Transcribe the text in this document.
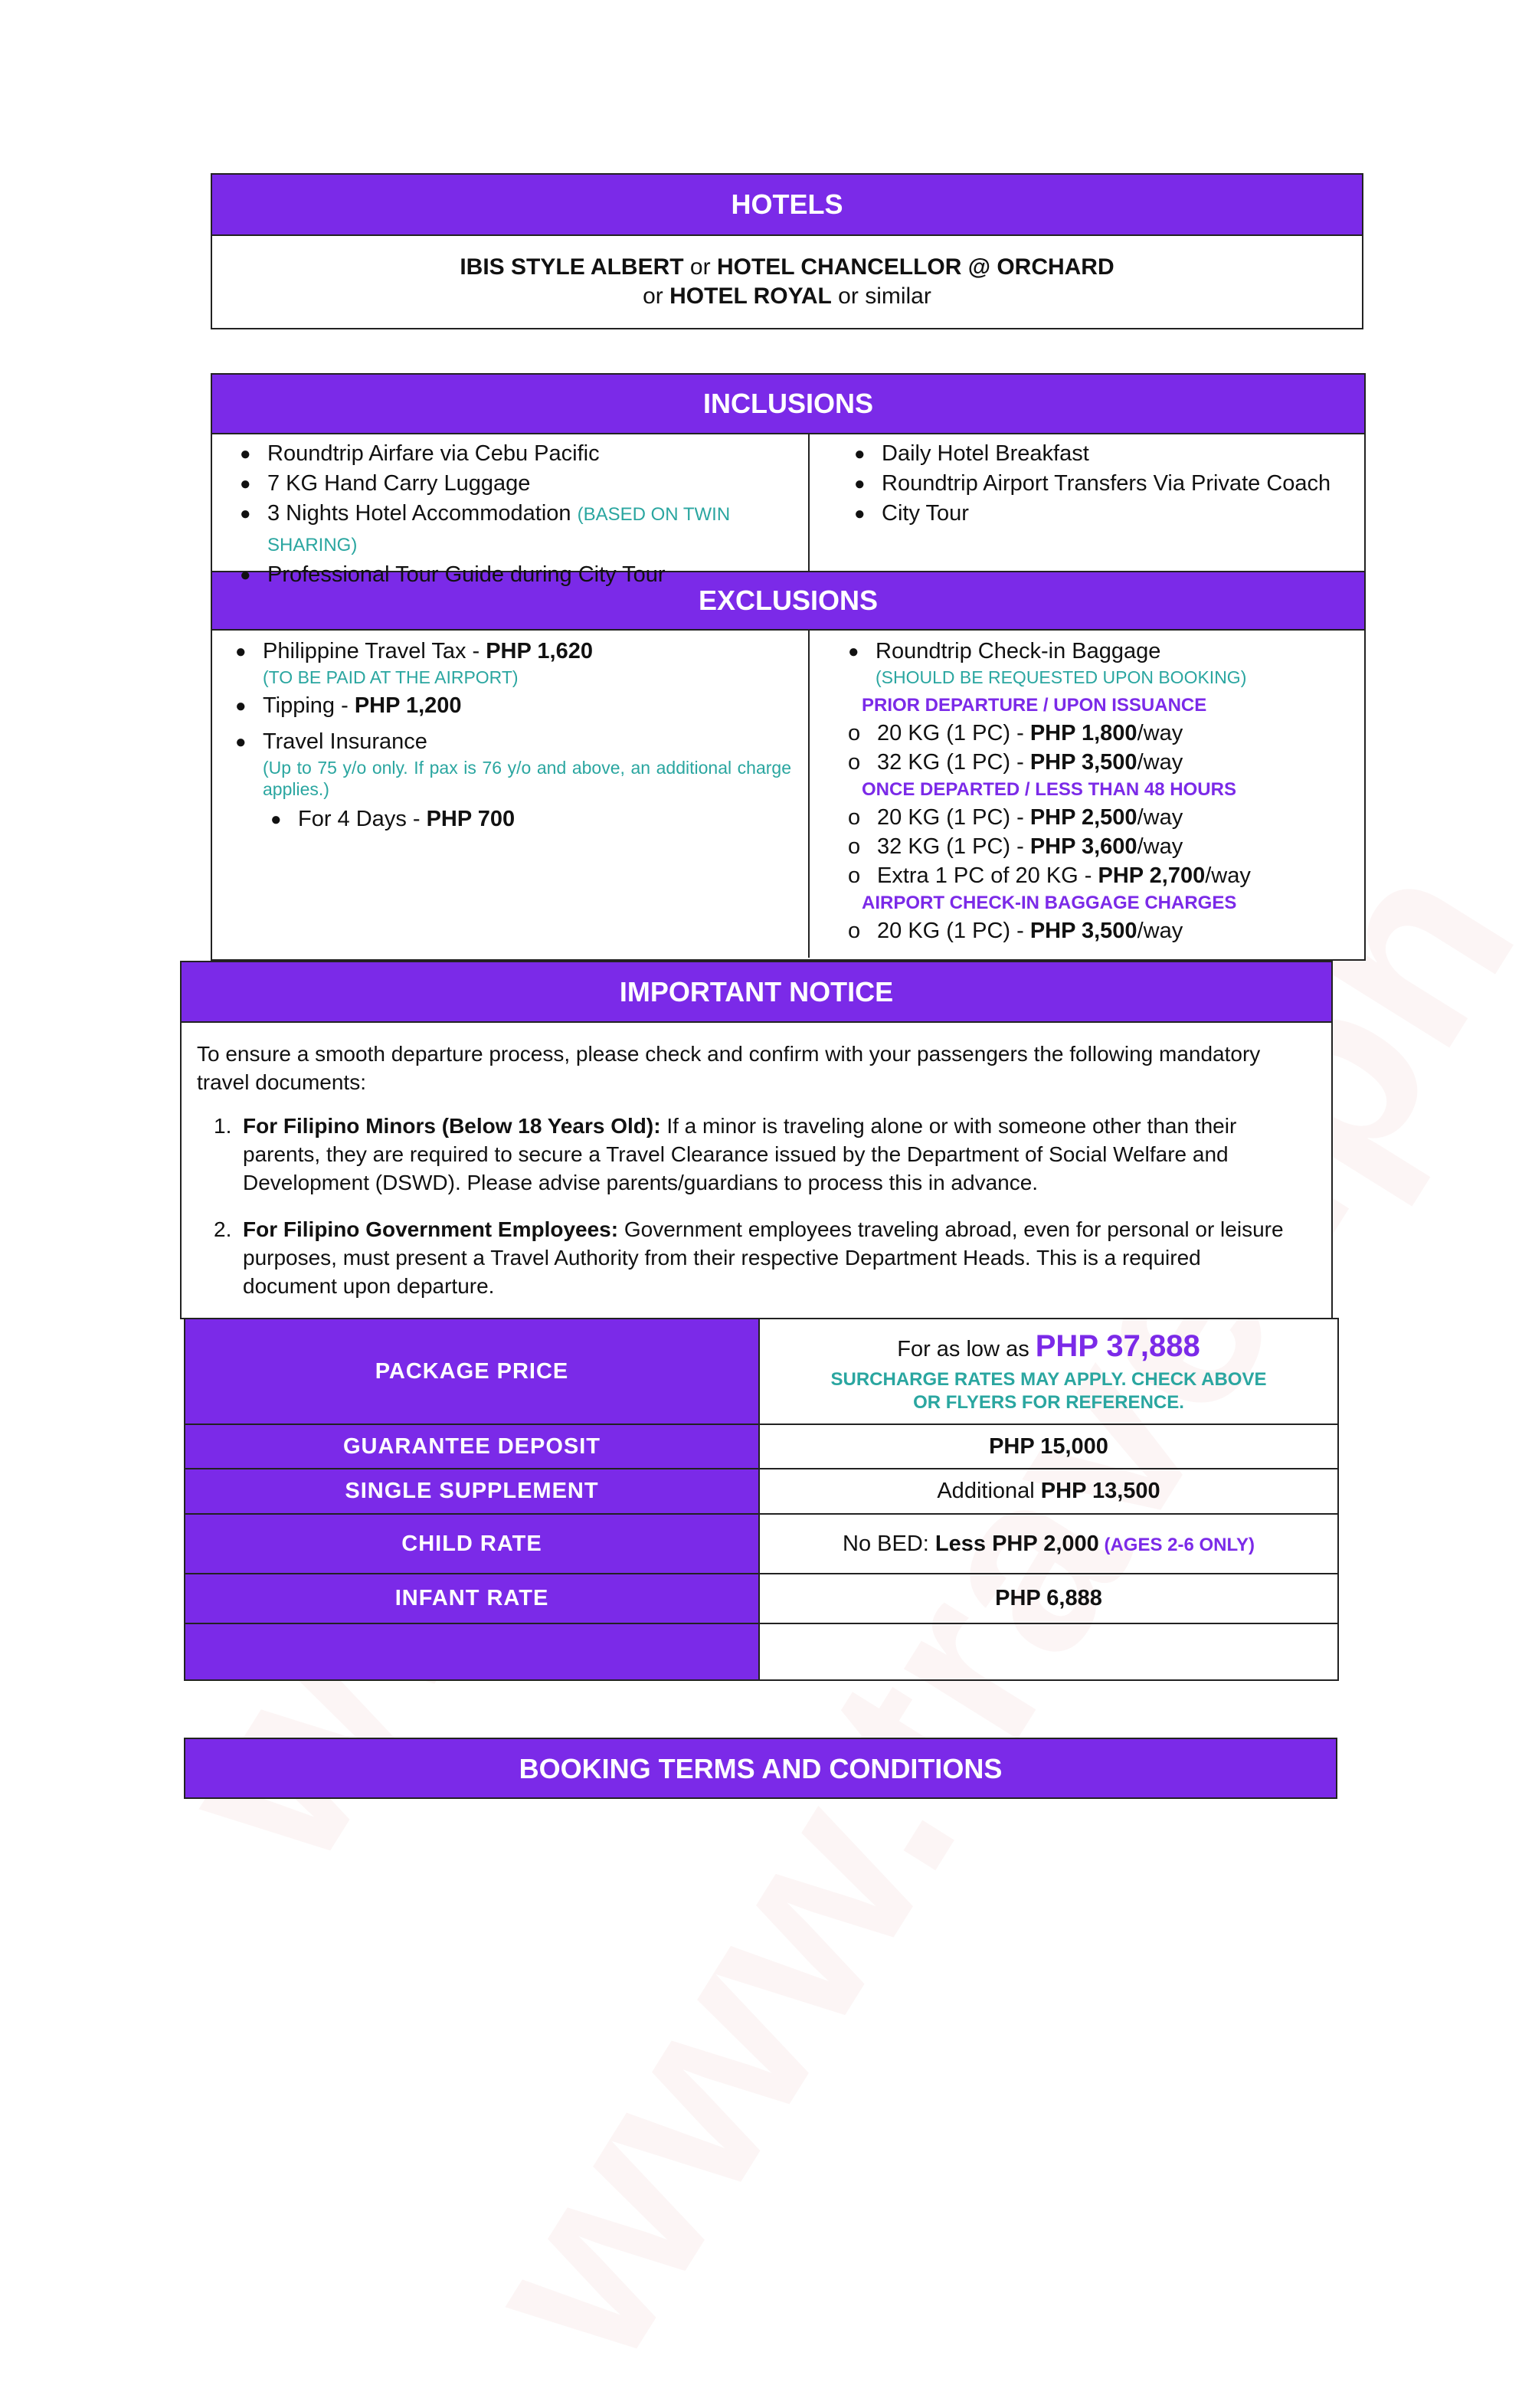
HOTELS
IBIS STYLE ALBERT or HOTEL CHANCELLOR @ ORCHARD
or HOTEL ROYAL or similar
INCLUSIONS
● Roundtrip Airfare via Cebu Pacific
● 7 KG Hand Carry Luggage
● 3 Nights Hotel Accommodation (BASED ON TWIN SHARING)
● Professional Tour Guide during City Tour
● Daily Hotel Breakfast
● Roundtrip Airport Transfers Via Private Coach
● City Tour
EXCLUSIONS
● Philippine Travel Tax - PHP 1,620
(TO BE PAID AT THE AIRPORT)
● Tipping - PHP 1,200
● Travel Insurance
(Up to 75 y/o only. If pax is 76 y/o and above, an additional charge applies.)
● For 4 Days - PHP 700
● Roundtrip Check-in Baggage
(SHOULD BE REQUESTED UPON BOOKING)
PRIOR DEPARTURE / UPON ISSUANCE
o 20 KG (1 PC) - PHP 1,800/way
o 32 KG (1 PC) - PHP 3,500/way
ONCE DEPARTED / LESS THAN 48 HOURS
o 20 KG (1 PC) - PHP 2,500/way
o 32 KG (1 PC) - PHP 3,600/way
o Extra 1 PC of 20 KG - PHP 2,700/way
AIRPORT CHECK-IN BAGGAGE CHARGES
o 20 KG (1 PC) - PHP 3,500/way
IMPORTANT NOTICE
To ensure a smooth departure process, please check and confirm with your passengers the following mandatory travel documents:
1. For Filipino Minors (Below 18 Years Old): If a minor is traveling alone or with someone other than their parents, they are required to secure a Travel Clearance issued by the Department of Social Welfare and Development (DSWD). Please advise parents/guardians to process this in advance.
2. For Filipino Government Employees: Government employees traveling abroad, even for personal or leisure purposes, must present a Travel Authority from their respective Department Heads. This is a required document upon departure.
PACKAGE PRICE	For as low as PHP 37,888
SURCHARGE RATES MAY APPLY. CHECK ABOVE OR FLYERS FOR REFERENCE.

GUARANTEE DEPOSIT	PHP 15,000
SINGLE SUPPLEMENT	Additional PHP 13,500
CHILD RATE	No BED: Less PHP 2,000 (AGES 2-6 ONLY)
INFANT RATE	PHP 6,888

BOOKING TERMS AND CONDITIONS
